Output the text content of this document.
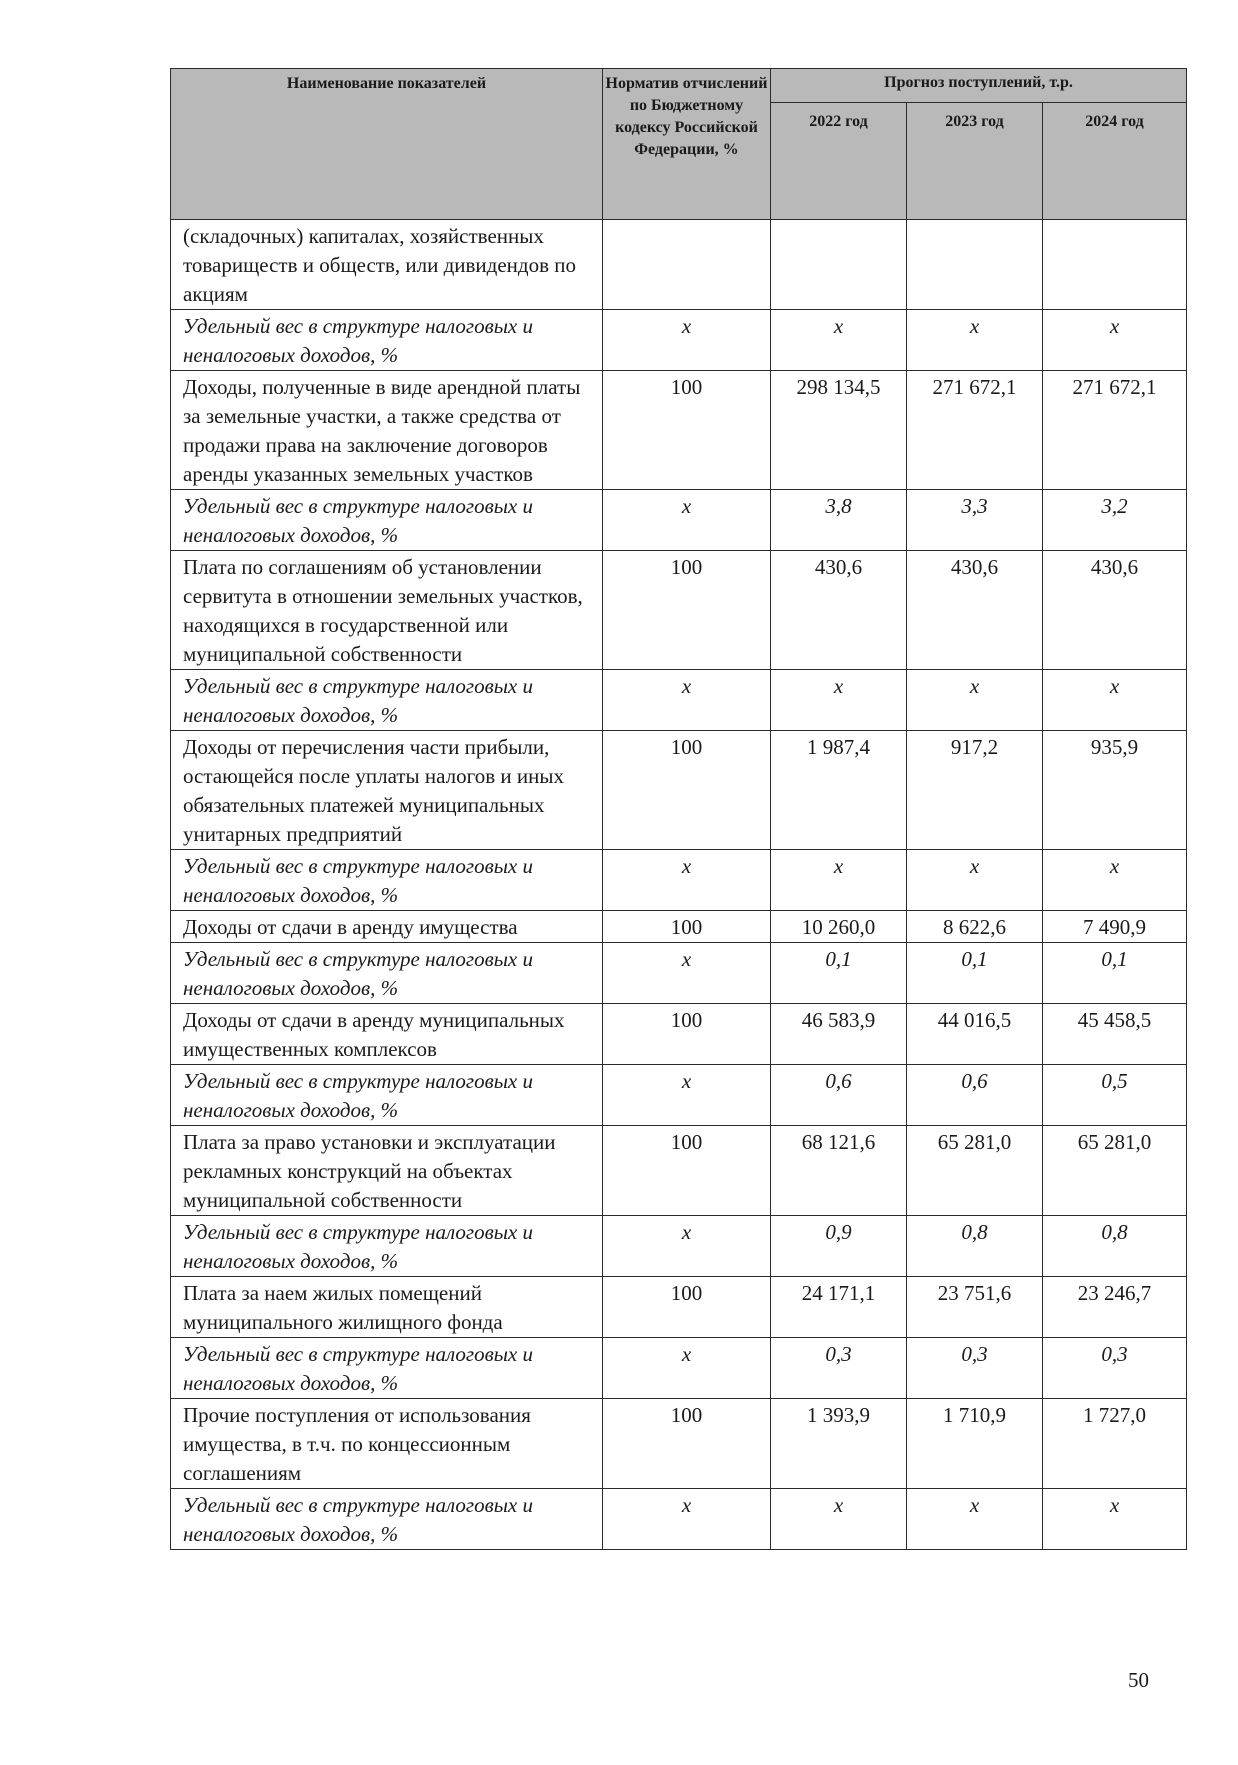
Наименование показателей	Норматив отчислений по Бюджетному кодексу Российской Федерации, %	Прогноз поступлений, т.р.		
		2022 год	2023 год	2024 год
(складочных) капиталах, хозяйственных товариществ и обществ, или дивидендов по акциям				
Удельный вес в структуре налоговых и неналоговых доходов, %	x	x	x	x
Доходы, полученные в виде арендной платы за земельные участки, а также средства от продажи права на заключение договоров аренды указанных земельных участков	100	298 134,5	271 672,1	271 672,1
Удельный вес в структуре налоговых и неналоговых доходов, %	x	3,8	3,3	3,2
Плата по соглашениям об установлении сервитута в отношении земельных участков, находящихся в государственной или муниципальной собственности	100	430,6	430,6	430,6
Удельный вес в структуре налоговых и неналоговых доходов, %	x	x	x	x
Доходы от перечисления части прибыли, остающейся после уплаты налогов и иных обязательных платежей муниципальных унитарных предприятий	100	1 987,4	917,2	935,9
Удельный вес в структуре налоговых и неналоговых доходов, %	x	x	x	x
Доходы от сдачи в аренду имущества	100	10 260,0	8 622,6	7 490,9
Удельный вес в структуре налоговых и неналоговых доходов, %	x	0,1	0,1	0,1
Доходы от сдачи в аренду муниципальных имущественных комплексов	100	46 583,9	44 016,5	45 458,5
Удельный вес в структуре налоговых и неналоговых доходов, %	x	0,6	0,6	0,5
Плата за право установки и эксплуатации рекламных конструкций на объектах муниципальной собственности	100	68 121,6	65 281,0	65 281,0
Удельный вес в структуре налоговых и неналоговых доходов, %	x	0,9	0,8	0,8
Плата за наем жилых помещений муниципального жилищного фонда	100	24 171,1	23 751,6	23 246,7
Удельный вес в структуре налоговых и неналоговых доходов, %	x	0,3	0,3	0,3
Прочие поступления от использования имущества, в т.ч. по концессионным соглашениям	100	1 393,9	1 710,9	1 727,0
Удельный вес в структуре налоговых и неналоговых доходов, %	x	x	x	x
50
